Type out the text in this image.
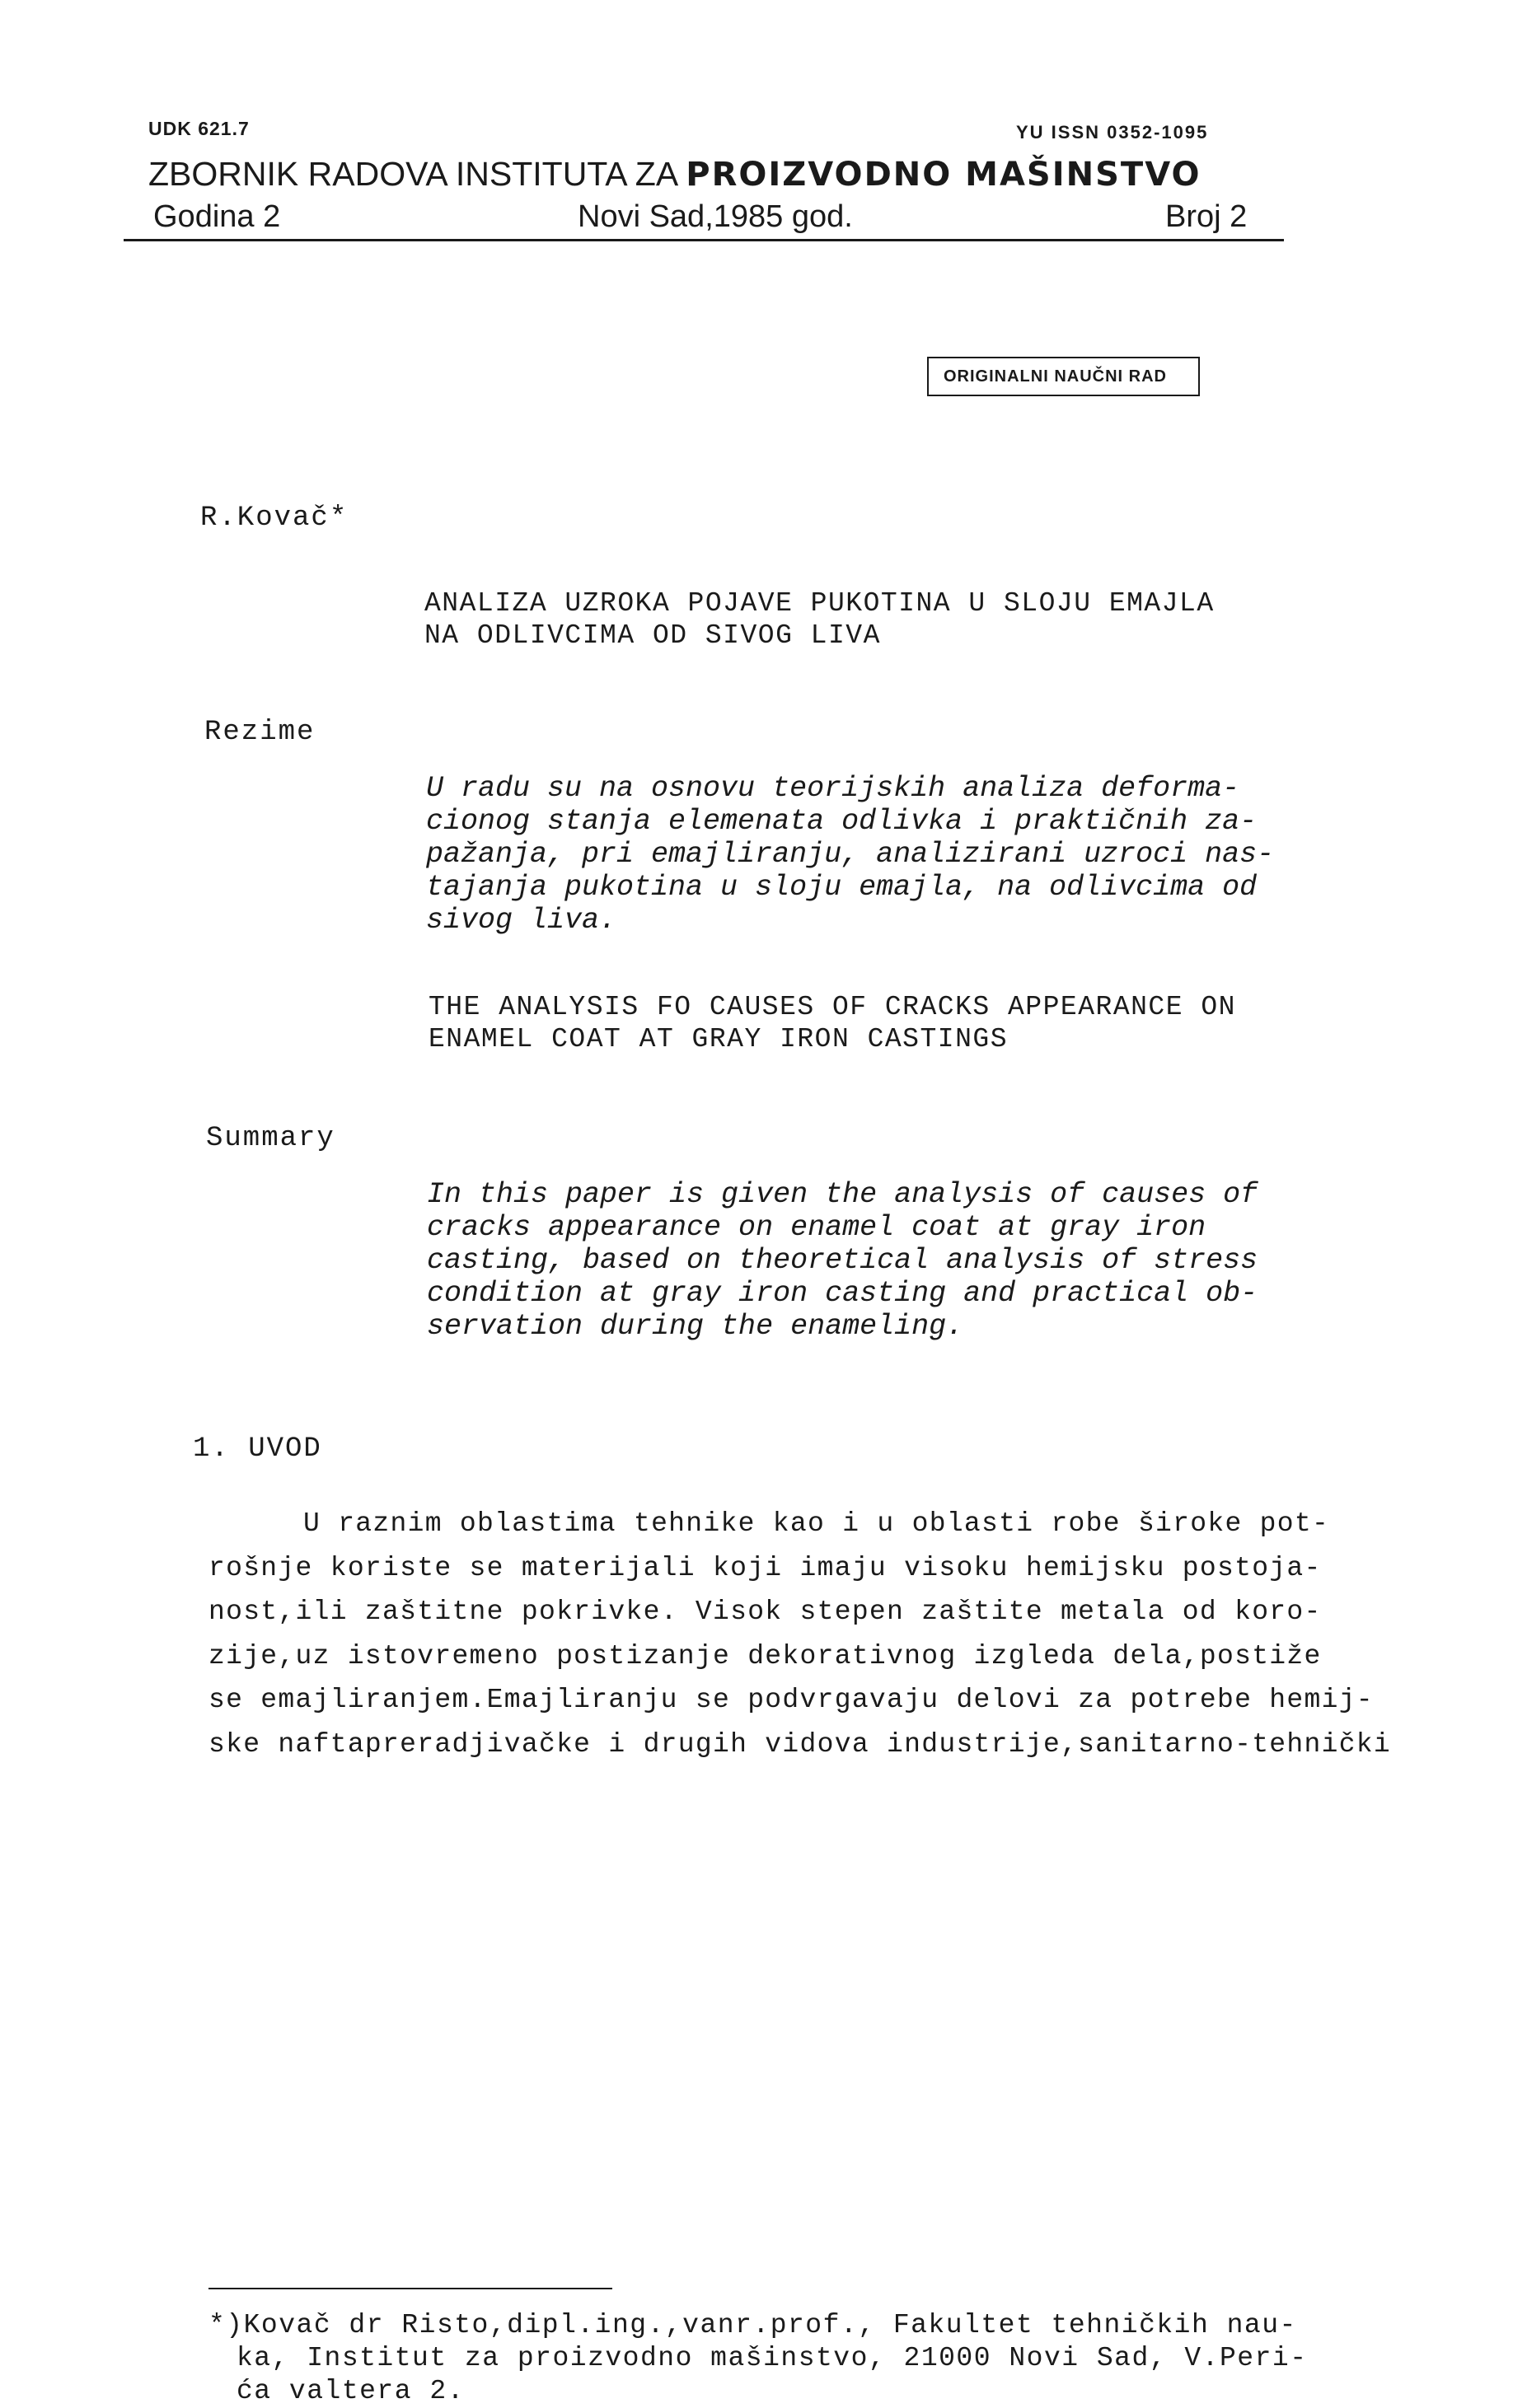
UDK 621.7	YU ISSN 0352-1095
ZBORNIK RADOVA INSTITUTA ZA PROIZVODNO MAŠINSTVO
Godina 2	Novi Sad,1985 god.	Broj 2
ORIGINALNI NAUČNI RAD
R.Kovač*
ANALIZA UZROKA POJAVE PUKOTINA U SLOJU EMAJLA
NA ODLIVCIMA OD SIVOG LIVA
Rezime
U radu su na osnovu teorijskih analiza deforma-
cionog stanja elemenata odlivka i praktičnih za-
pažanja, pri emajliranju, analizirani uzroci nas-
tajanja pukotina u sloju emajla, na odlivcima od
sivog liva.
THE ANALYSIS FO CAUSES OF CRACKS APPEARANCE ON
ENAMEL COAT AT GRAY IRON CASTINGS
Summary
In this paper is given the analysis of causes of
cracks appearance on enamel coat at gray iron
casting, based on theoretical analysis of stress
condition at gray iron casting and practical ob-
servation during the enameling.
1. UVOD
U raznim oblastima tehnike kao i u oblasti robe široke pot-
rošnje koriste se materijali koji imaju visoku hemijsku postoja-
nost,ili zaštitne pokrivke. Visok stepen zaštite metala od koro-
zije,uz istovremeno postizanje dekorativnog izgleda dela,postiže
se emajliranjem.Emajliranju se podvrgavaju delovi za potrebe hemij-
ske naftapreradjivačke i drugih vidova industrije,sanitarno-tehnički
*)Kovač dr Risto,dipl.ing.,vanr.prof., Fakultet tehničkih nau-
ka, Institut za proizvodno mašinstvo, 21000 Novi Sad, V.Peri-
ća valtera 2.
